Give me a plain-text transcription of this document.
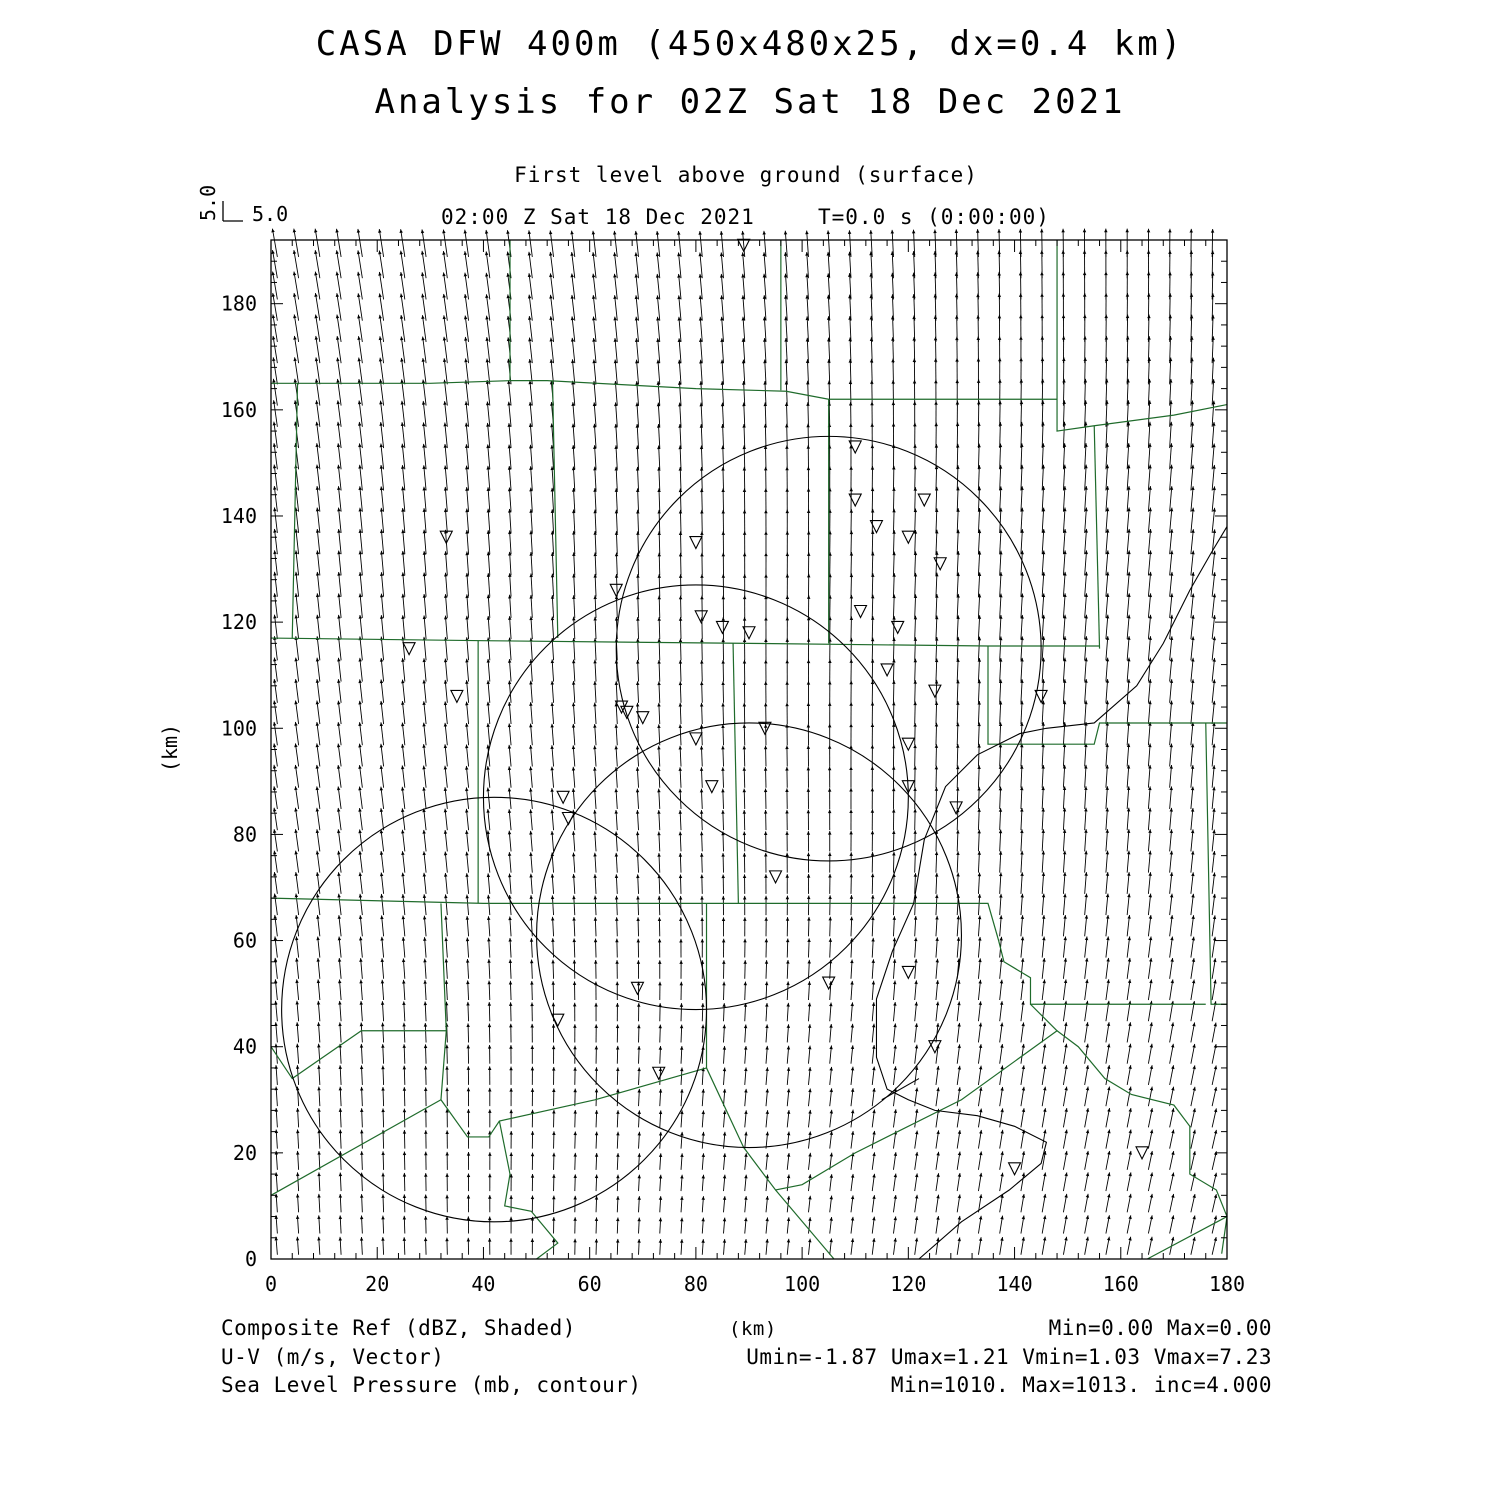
CASA DFW 400m (450x480x25, dx=0.4 km)
Analysis for 02Z Sat 18 Dec 2021
First level above ground (surface)
02:00 Z Sat 18 Dec 2021	T=0.0 s (0:00:00)
0	20	40	60	80	100	120	140	160	180
0
20
40
60
80
100
120
140
160
180
5.0
5.0
(km)
Composite Ref (dBZ, Shaded)	(km)	Min=0.00 Max=0.00
U-V (m/s, Vector)	Umin=-1.87 Umax=1.21 Vmin=1.03 Vmax=7.23
Sea Level Pressure (mb, contour)	Min=1010. Max=1013. inc=4.000
